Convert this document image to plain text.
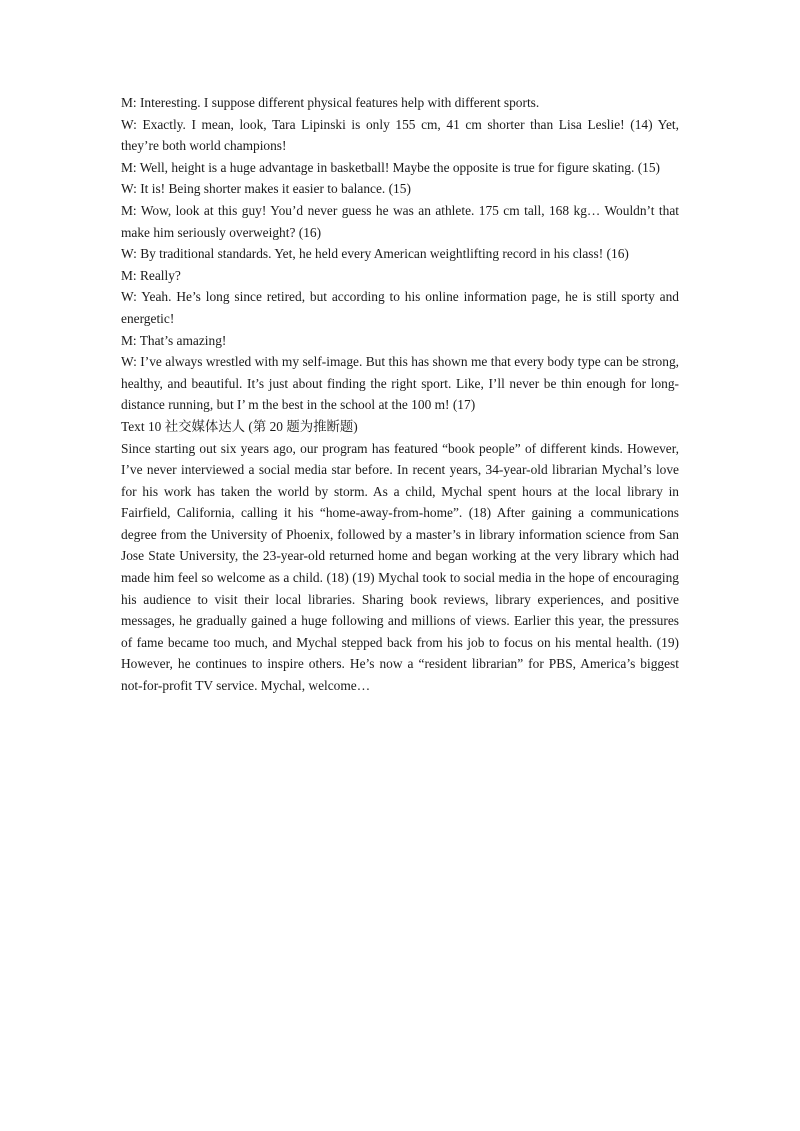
M: Interesting. I suppose different physical features help with different sports.

W: Exactly. I mean, look, Tara Lipinski is only 155 cm, 41 cm shorter than Lisa Leslie! (14) Yet, they’re both world champions!

M: Well, height is a huge advantage in basketball! Maybe the opposite is true for figure skating. (15)

W: It is! Being shorter makes it easier to balance. (15)

M: Wow, look at this guy! You’d never guess he was an athlete. 175 cm tall, 168 kg… Wouldn’t that make him seriously overweight? (16)

W: By traditional standards. Yet, he held every American weightlifting record in his class! (16)

M: Really?

W: Yeah. He’s long since retired, but according to his online information page, he is still sporty and energetic!

M: That’s amazing!

W: I’ve always wrestled with my self-image. But this has shown me that every body type can be strong, healthy, and beautiful. It’s just about finding the right sport. Like, I’ll never be thin enough for long-distance running, but I’ m the best in the school at the 100 m! (17)

Text 10 社交媒体达人 (第 20 题为推断题)

Since starting out six years ago, our program has featured “book people” of different kinds. However, I’ve never interviewed a social media star before. In recent years, 34-year-old librarian Mychal’s love for his work has taken the world by storm. As a child, Mychal spent hours at the local library in Fairfield, California, calling it his “home-away-from-home”. (18) After gaining a communications degree from the University of Phoenix, followed by a master’s in library information science from San Jose State University, the 23-year-old returned home and began working at the very library which had made him feel so welcome as a child. (18) (19) Mychal took to social media in the hope of encouraging his audience to visit their local libraries. Sharing book reviews, library experiences, and positive messages, he gradually gained a huge following and millions of views. Earlier this year, the pressures of fame became too much, and Mychal stepped back from his job to focus on his mental health. (19) However, he continues to inspire others. He’s now a “resident librarian” for PBS, America’s biggest not-for-profit TV service. Mychal, welcome…
